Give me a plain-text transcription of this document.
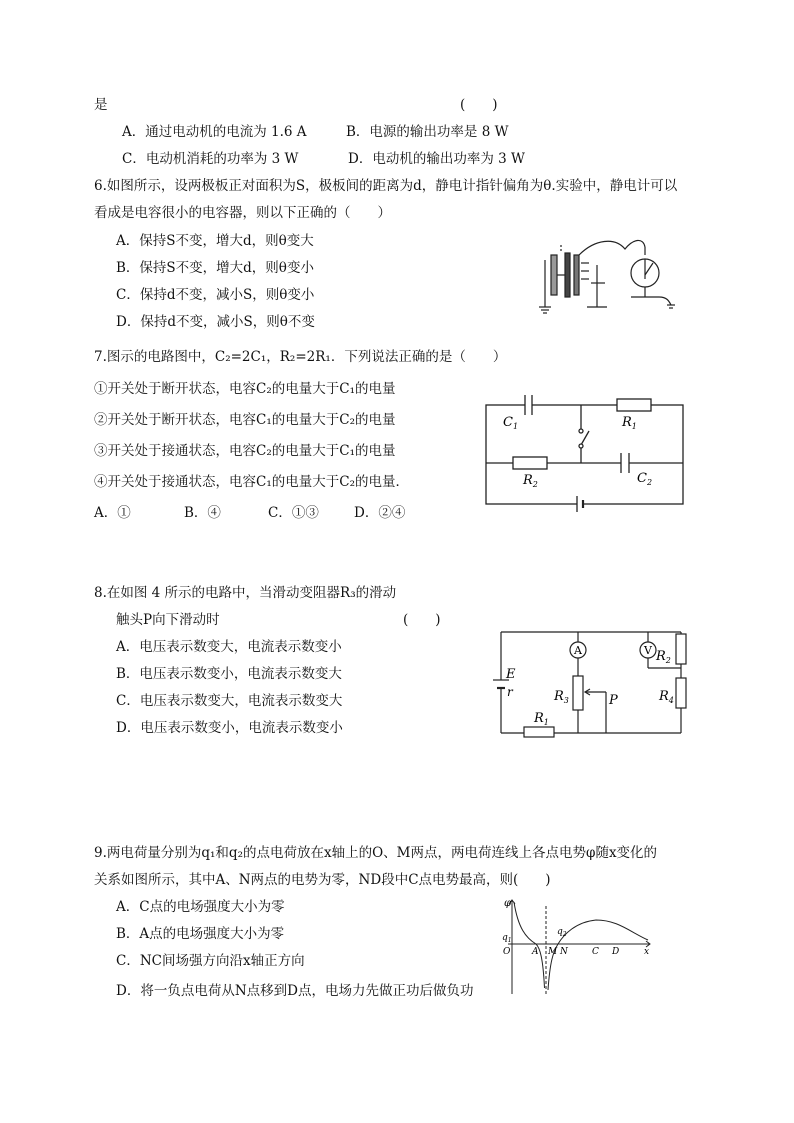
是	(　　)
A．通过电动机的电流为 1.6 A	B．电源的输出功率是 8 W
C．电动机消耗的功率为 3 W	D．电动机的输出功率为 3 W
6.如图所示，设两极板正对面积为S，极板间的距离为d，静电计指针偏角为θ.实验中，静电计可以
看成是电容很小的电容器，则以下正确的（　　）
A．保持S不变，增大d，则θ变大
B．保持S不变，增大d，则θ变小
C．保持d不变，减小S，则θ变小
D．保持d不变，减小S，则θ不变
7.图示的电路图中，C₂=2C₁，R₂=2R₁．下列说法正确的是（　　）
①开关处于断开状态，电容C₂的电量大于C₁的电量
②开关处于断开状态，电容C₁的电量大于C₂的电量
③开关处于接通状态，电容C₂的电量大于C₁的电量
④开关处于接通状态，电容C₁的电量大于C₂的电量．
A．①	B．④	C．①③	D．②④
$C_1$	$R_1$
$R_2$	$C_2$
8.在如图 4 所示的电路中，当滑动变阻器R₃的滑动
触头P向下滑动时	(　　)
A．电压表示数变大，电流表示数变小
B．电压表示数变小，电流表示数变大
C．电压表示数变大，电流表示数变大
D．电压表示数变小，电流表示数变小
A	V
E
r
$R_2$
$R_3$	P	$R_4$
$R_1$
9.两电荷量分别为q₁和q₂的点电荷放在x轴上的O、M两点，两电荷连线上各点电势φ随x变化的
关系如图所示，其中A、N两点的电势为零，ND段中C点电势最高，则(　　)
A．C点的电场强度大小为零
B．A点的电场强度大小为零
C．NC间场强方向沿x轴正方向
D．将一负点电荷从N点移到D点，电场力先做正功后做负功
φ
$q_1$
$q_2$
O A M N	C D	x
